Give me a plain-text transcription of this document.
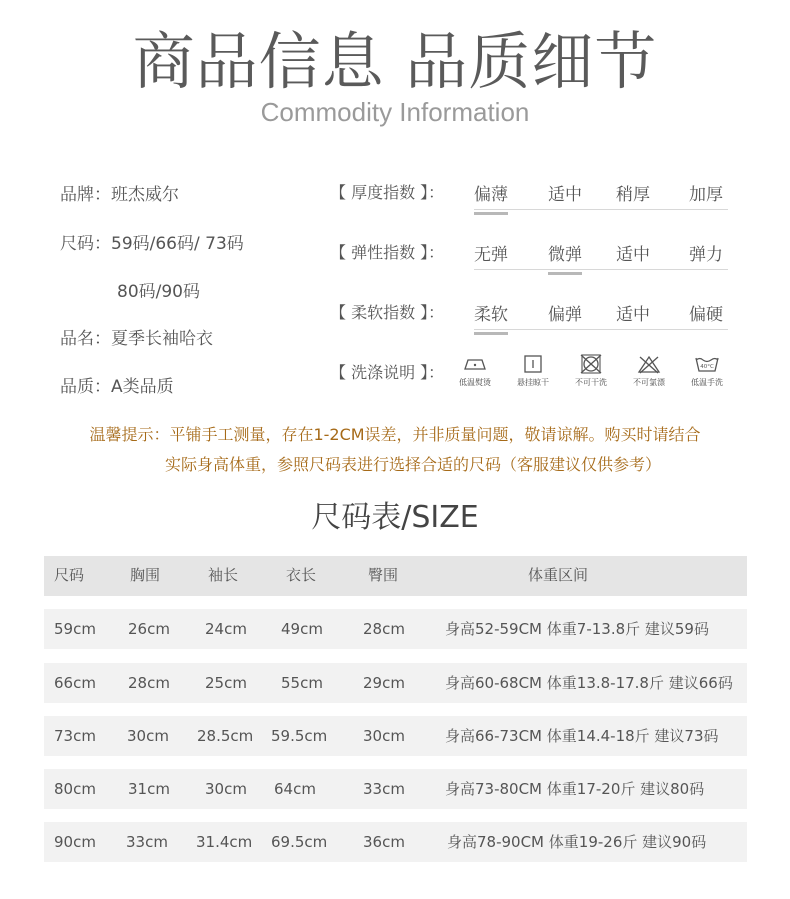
商品信息 品质细节
Commodity Information
品牌：班杰威尔
尺码：59码/66码/ 73码
80码/90码
品名：夏季长袖哈衣
品质：A类品质
【 厚度指数 】： 偏薄 适中 稍厚 加厚
【 弹性指数 】： 无弹 微弹 适中 弹力
【 柔软指数 】： 柔软 偏弹 适中 偏硬
【 洗涤说明 】：
低温熨烫	悬挂晾干	不可干洗	不可氯漂
40°C
低温手洗
温馨提示：平铺手工测量，存在1-2CM误差，并非质量问题，敬请谅解。购买时请结合
实际身高体重，参照尺码表进行选择合适的尺码（客服建议仅供参考）
尺码表/SIZE
尺码	胸围	袖长	衣长	臀围	体重区间
59cm 26cm 24cm 49cm	28cm	身高52-59CM 体重7-13.8斤 建议59码
66cm 28cm 25cm 55cm	29cm	身高60-68CM 体重13.8-17.8斤 建议66码
73cm 30cm 28.5cm 59.5cm 30cm	身高66-73CM 体重14.4-18斤 建议73码
80cm 31cm 30cm 64cm	33cm	身高73-80CM 体重17-20斤 建议80码
90cm 33cm 31.4cm 69.5cm 36cm	身高78-90CM 体重19-26斤 建议90码
